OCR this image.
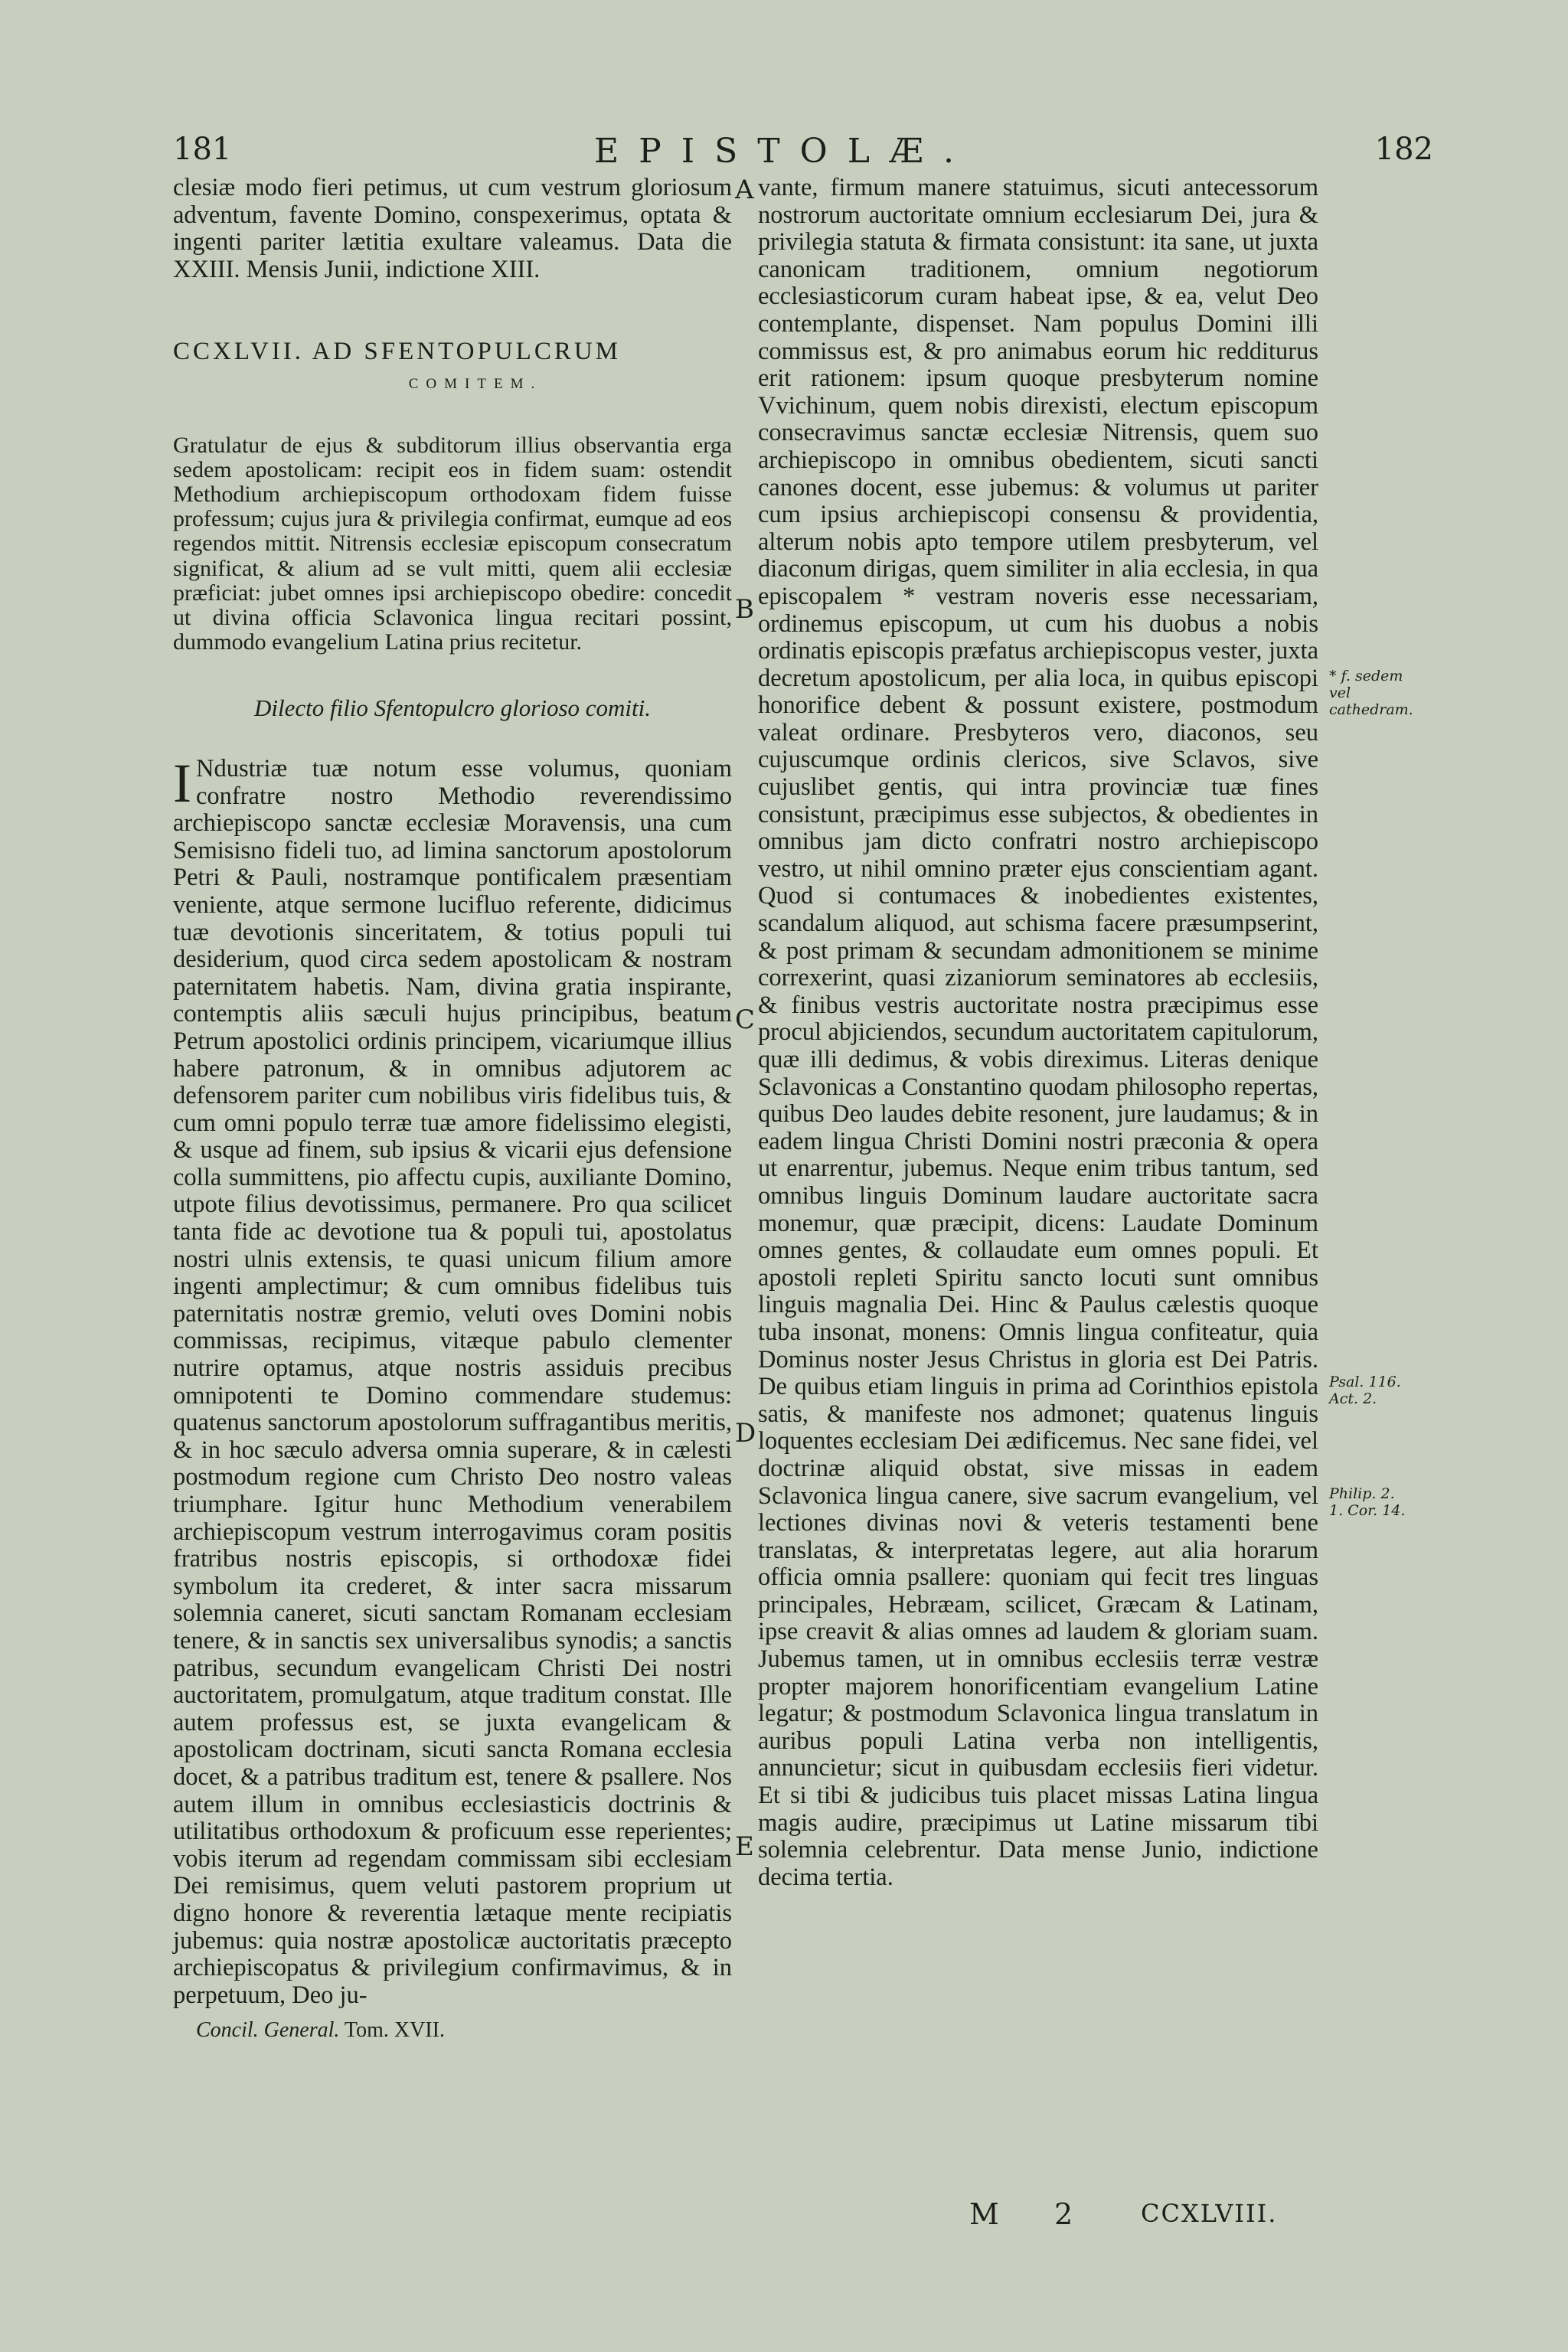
181	EPISTOLÆ.	182

clesiæ modo fieri petimus, ut cum vestrum gloriosum adventum, favente Domino, conspexerimus, optata & ingenti pariter lætitia exultare valeamus. Data die XXIII. Mensis Junii, indictione XIII.

CCXLVII. AD SFENTOPULCRUM
COMITEM.

Gratulatur de ejus & subditorum illius observantia erga sedem apostolicam: recipit eos in fidem suam: ostendit Methodium archiepiscopum orthodoxam fidem fuisse professum; cujus jura & privilegia confirmat, eumque ad eos regendos mittit. Nitrensis ecclesiæ episcopum consecratum significat, & alium ad se vult mitti, quem alii ecclesiæ præficiat: jubet omnes ipsi archiepiscopo obedire: concedit ut divina officia Sclavonica lingua recitari possint, dummodo evangelium Latina prius recitetur.

Dilecto filio Sfentopulcro glorioso comiti.

INdustriæ tuæ notum esse volumus, quoniam confratre nostro Methodio reverendissimo archiepiscopo sanctæ ecclesiæ Moravensis, una cum Semisisno fideli tuo, ad limina sanctorum apostolorum Petri & Pauli, nostramque pontificalem præsentiam veniente, atque sermone lucifluo referente, didicimus tuæ devotionis sinceritatem, & totius populi tui desiderium, quod circa sedem apostolicam & nostram paternitatem habetis. Nam, divina gratia inspirante, contemptis aliis sæculi hujus principibus, beatum Petrum apostolici ordinis principem, vicariumque illius habere patronum, & in omnibus adjutorem ac defensorem pariter cum nobilibus viris fidelibus tuis, & cum omni populo terræ tuæ amore fidelissimo elegisti, & usque ad finem, sub ipsius & vicarii ejus defensione colla summittens, pio affectu cupis, auxiliante Domino, utpote filius devotissimus, permanere. Pro qua scilicet tanta fide ac devotione tua & populi tui, apostolatus nostri ulnis extensis, te quasi unicum filium amore ingenti amplectimur; & cum omnibus fidelibus tuis paternitatis nostræ gremio, veluti oves Domini nobis commissas, recipimus, vitæque pabulo clementer nutrire optamus, atque nostris assiduis precibus omnipotenti te Domino commendare studemus: quatenus sanctorum apostolorum suffragantibus meritis, & in hoc sæculo adversa omnia superare, & in cælesti postmodum regione cum Christo Deo nostro valeas triumphare. Igitur hunc Methodium venerabilem archiepiscopum vestrum interrogavimus coram positis fratribus nostris episcopis, si orthodoxæ fidei symbolum ita crederet, & inter sacra missarum solemnia caneret, sicuti sanctam Romanam ecclesiam tenere, & in sanctis sex universalibus synodis; a sanctis patribus, secundum evangelicam Christi Dei nostri auctoritatem, promulgatum, atque traditum constat. Ille autem professus est, se juxta evangelicam & apostolicam doctrinam, sicuti sancta Romana ecclesia docet, & a patribus traditum est, tenere & psallere. Nos autem illum in omnibus ecclesiasticis doctrinis & utilitatibus orthodoxum & proficuum esse reperientes; vobis iterum ad regendam commissam sibi ecclesiam Dei remisimus, quem veluti pastorem proprium ut digno honore & reverentia lætaque mente recipiatis jubemus: quia nostræ apostolicæ auctoritatis præcepto archiepiscopatus & privilegium confirmavimus, & in perpetuum, Deo ju-

Concil. General. Tom. XVII.

vante, firmum manere statuimus, sicuti antecessorum nostrorum auctoritate omnium ecclesiarum Dei, jura & privilegia statuta & firmata consistunt: ita sane, ut juxta canonicam traditionem, omnium negotiorum ecclesiasticorum curam habeat ipse, & ea, velut Deo contemplante, dispenset. Nam populus Domini illi commissus est, & pro animabus eorum hic redditurus erit rationem: ipsum quoque presbyterum nomine Vvichinum, quem nobis direxisti, electum episcopum consecravimus sanctæ ecclesiæ Nitrensis, quem suo archiepiscopo in omnibus obedientem, sicuti sancti canones docent, esse jubemus: & volumus ut pariter cum ipsius archiepiscopi consensu & providentia, alterum nobis apto tempore utilem presbyterum, vel diaconum dirigas, quem similiter in alia ecclesia, in qua episcopalem * vestram noveris esse necessariam, ordinemus episcopum, ut cum his duobus a nobis ordinatis episcopis præfatus archiepiscopus vester, juxta decretum apostolicum, per alia loca, in quibus episcopi honorifice debent & possunt existere, postmodum valeat ordinare. Presbyteros vero, diaconos, seu cujuscumque ordinis clericos, sive Sclavos, sive cujuslibet gentis, qui intra provinciæ tuæ fines consistunt, præcipimus esse subjectos, & obedientes in omnibus jam dicto confratri nostro archiepiscopo vestro, ut nihil omnino præter ejus conscientiam agant. Quod si contumaces & inobedientes existentes, scandalum aliquod, aut schisma facere præsumpserint, & post primam & secundam admonitionem se minime correxerint, quasi zizaniorum seminatores ab ecclesiis, & finibus vestris auctoritate nostra præcipimus esse procul abjiciendos, secundum auctoritatem capitulorum, quæ illi dedimus, & vobis direximus. Literas denique Sclavonicas a Constantino quodam philosopho repertas, quibus Deo laudes debite resonent, jure laudamus; & in eadem lingua Christi Domini nostri præconia & opera ut enarrentur, jubemus. Neque enim tribus tantum, sed omnibus linguis Dominum laudare auctoritate sacra monemur, quæ præcipit, dicens: Laudate Dominum omnes gentes, & collaudate eum omnes populi. Et apostoli repleti Spiritu sancto locuti sunt omnibus linguis magnalia Dei. Hinc & Paulus cælestis quoque tuba insonat, monens: Omnis lingua confiteatur, quia Dominus noster Jesus Christus in gloria est Dei Patris. De quibus etiam linguis in prima ad Corinthios epistola satis, & manifeste nos admonet; quatenus linguis loquentes ecclesiam Dei ædificemus. Nec sane fidei, vel doctrinæ aliquid obstat, sive missas in eadem Sclavonica lingua canere, sive sacrum evangelium, vel lectiones divinas novi & veteris testamenti bene translatas, & interpretatas legere, aut alia horarum officia omnia psallere: quoniam qui fecit tres linguas principales, Hebræam, scilicet, Græcam & Latinam, ipse creavit & alias omnes ad laudem & gloriam suam. Jubemus tamen, ut in omnibus ecclesiis terræ vestræ propter majorem honorificentiam evangelium Latine legatur; & postmodum Sclavonica lingua translatum in auribus populi Latina verba non intelligentis, annuncietur; sicut in quibusdam ecclesiis fieri videtur. Et si tibi & judicibus tuis placet missas Latina lingua magis audire, præcipimus ut Latine missarum tibi solemnia celebrentur. Data mense Junio, indictione decima tertia.

A
B
C
D
E
* f. sedem vel cathedram.
Psal. 116.
Act. 2.
Philip. 2.
1. Cor. 14.
M 2 CCXLVIII.
